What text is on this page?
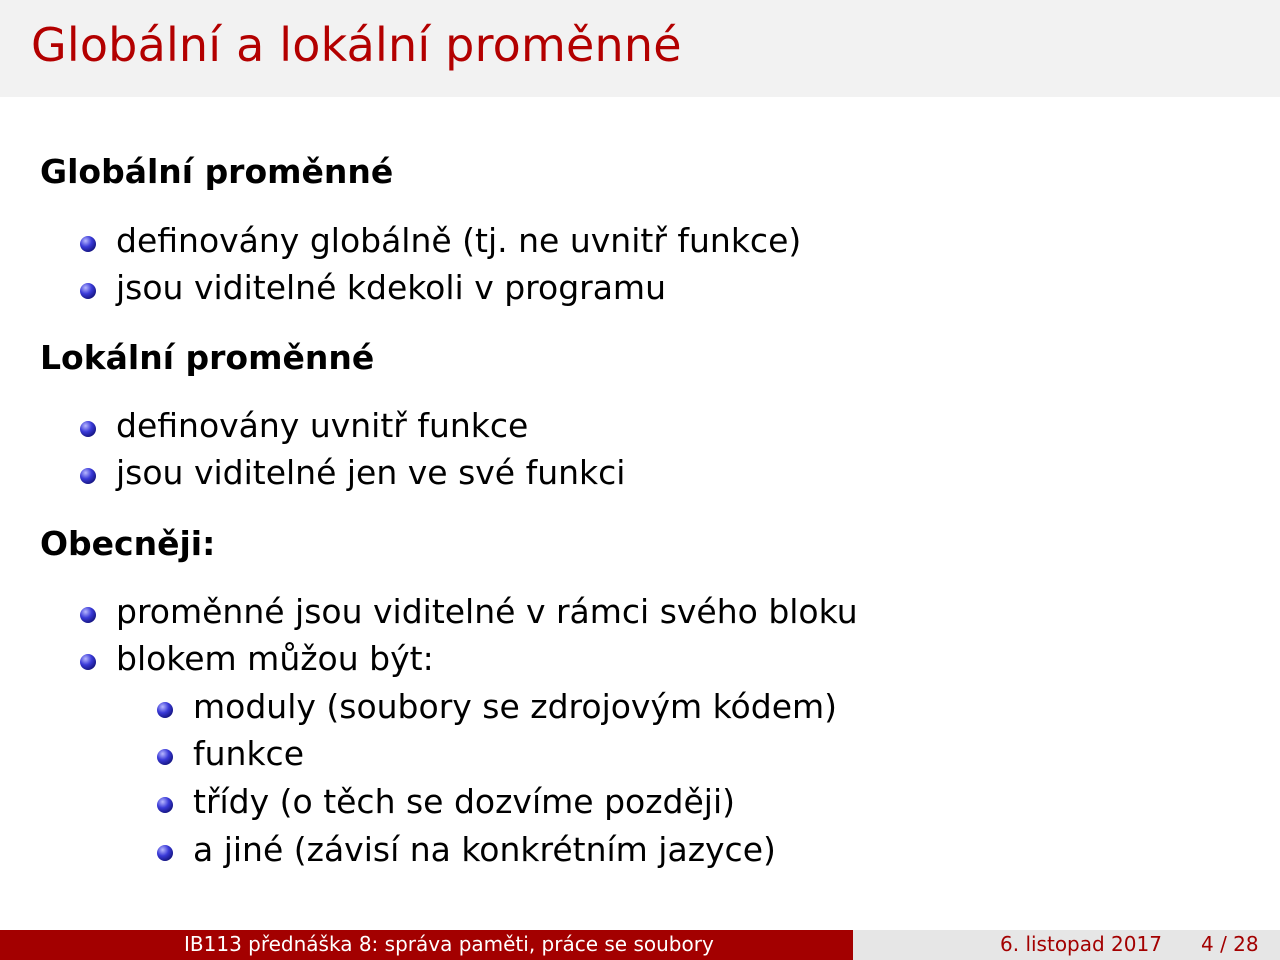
Globální a lokální proměnné
Globální proměnné
definovány globálně (tj. ne uvnitř funkce)
jsou viditelné kdekoli v programu
Lokální proměnné
definovány uvnitř funkce
jsou viditelné jen ve své funkci
Obecněji:
proměnné jsou viditelné v rámci svého bloku
blokem můžou být:
moduly (soubory se zdrojovým kódem)
funkce
třídy (o těch se dozvíme později)
a jiné (závisí na konkrétním jazyce)
IB113 přednáška 8: správa paměti, práce se soubory	6. listopad 2017 4 / 28
